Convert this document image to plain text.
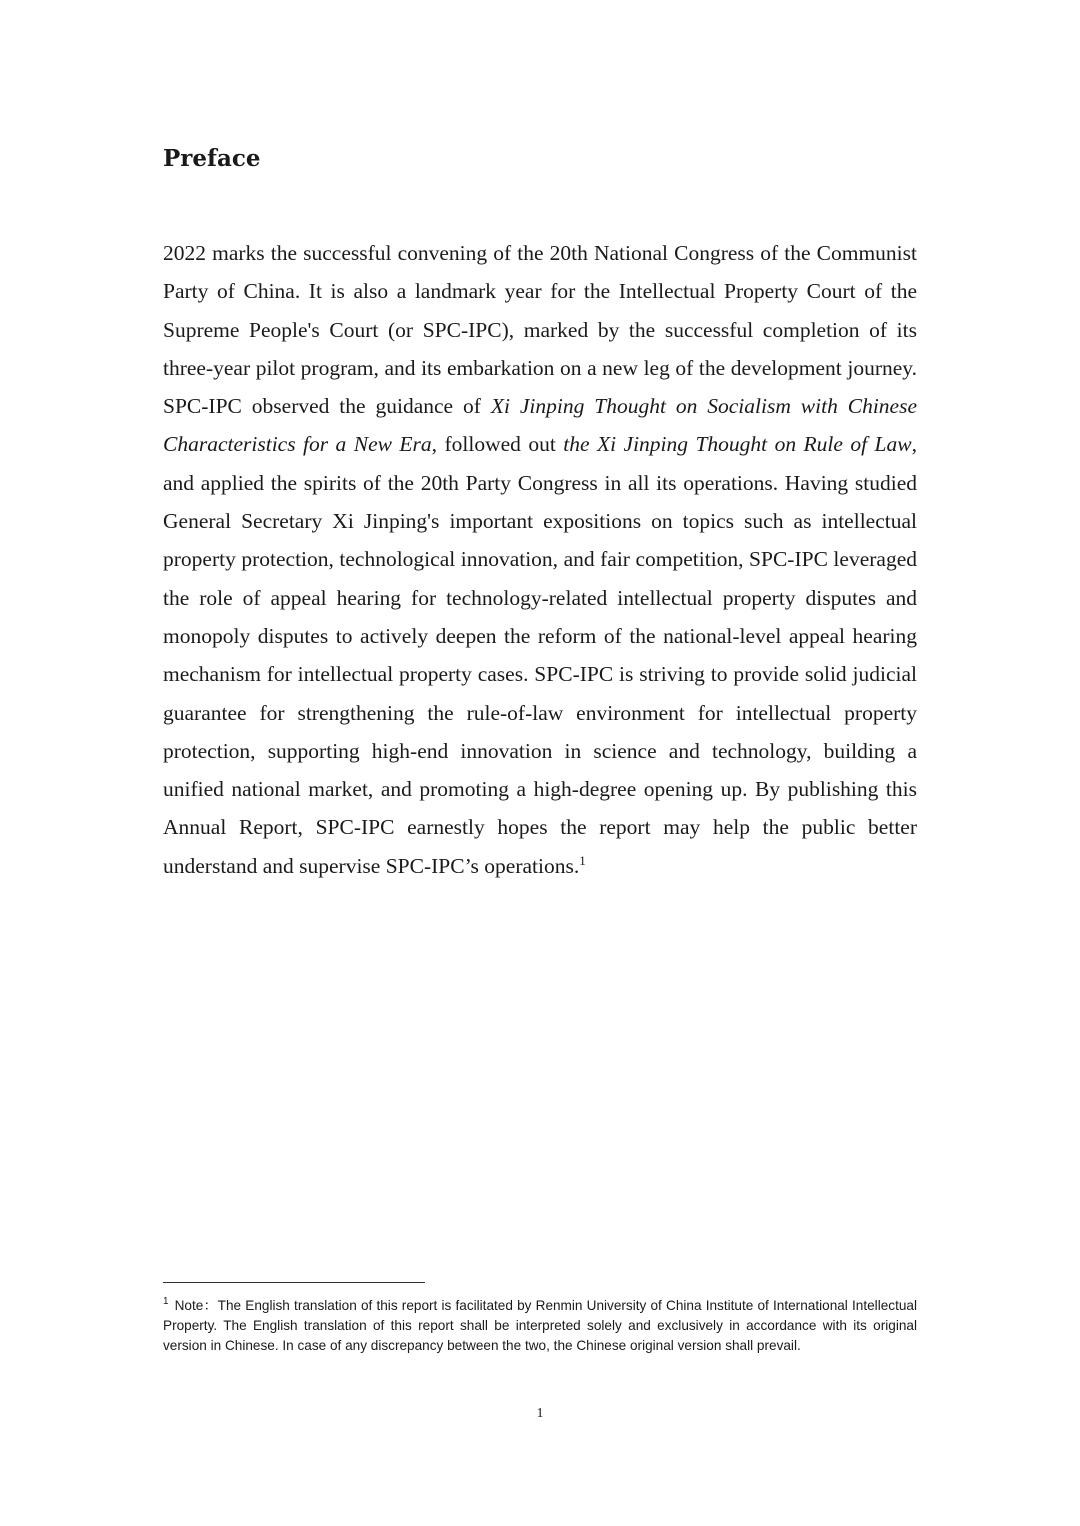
Preface

2022 marks the successful convening of the 20th National Congress of the Communist Party of China. It is also a landmark year for the Intellectual Property Court of the Supreme People's Court (or SPC-IPC), marked by the successful completion of its three-year pilot program, and its embarkation on a new leg of the development journey. SPC-IPC observed the guidance of Xi Jinping Thought on Socialism with Chinese Characteristics for a New Era, followed out the Xi Jinping Thought on Rule of Law, and applied the spirits of the 20th Party Congress in all its operations. Having studied General Secretary Xi Jinping's important expositions on topics such as intellectual property protection, technological innovation, and fair competition, SPC-IPC leveraged the role of appeal hearing for technology-related intellectual property disputes and monopoly disputes to actively deepen the reform of the national-level appeal hearing mechanism for intellectual property cases. SPC-IPC is striving to provide solid judicial guarantee for strengthening the rule-of-law environment for intellectual property protection, supporting high-end innovation in science and technology, building a unified national market, and promoting a high-degree opening up. By publishing this Annual Report, SPC-IPC earnestly hopes the report may help the public better understand and supervise SPC-IPC’s operations.$^1$

$^1$ Note：The English translation of this report is facilitated by Renmin University of China Institute of International Intellectual Property. The English translation of this report shall be interpreted solely and exclusively in accordance with its original version in Chinese. In case of any discrepancy between the two, the Chinese original version shall prevail.

1
